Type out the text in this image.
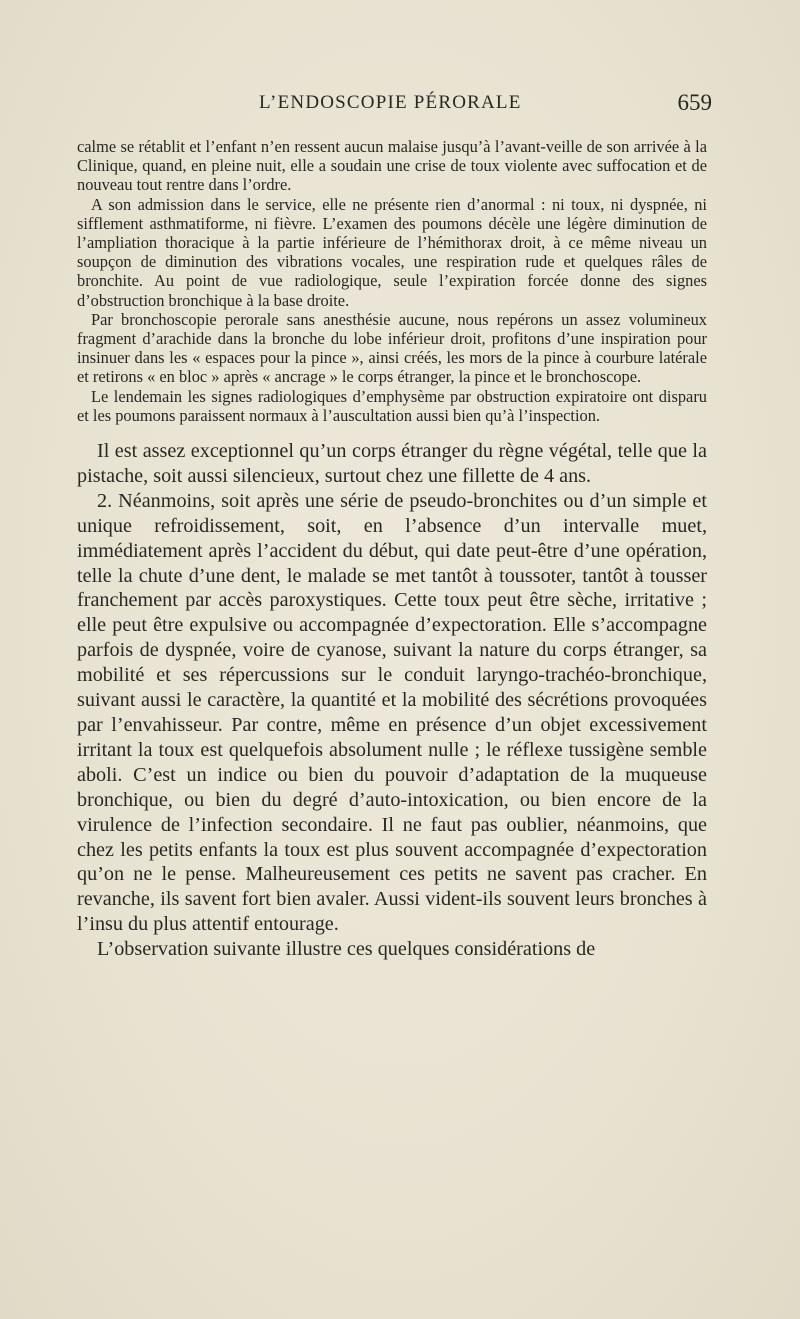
L’ENDOSCOPIE PÉRORALE	659

calme se rétablit et l’enfant n’en ressent aucun malaise jusqu’à l’avant-veille de son arrivée à la Clinique, quand, en pleine nuit, elle a soudain une crise de toux violente avec suffocation et de nouveau tout rentre dans l’ordre.

A son admission dans le service, elle ne présente rien d’anormal : ni toux, ni dyspnée, ni sifflement asthmatiforme, ni fièvre. L’examen des poumons décèle une légère diminution de l’ampliation thoracique à la partie inférieure de l’hémithorax droit, à ce même niveau un soupçon de diminution des vibrations vocales, une respiration rude et quelques râles de bronchite. Au point de vue radiologique, seule l’expiration forcée donne des signes d’obstruction bronchique à la base droite.

Par bronchoscopie perorale sans anesthésie aucune, nous repérons un assez volumineux fragment d’arachide dans la bronche du lobe inférieur droit, profitons d’une inspiration pour insinuer dans les « espaces pour la pince », ainsi créés, les mors de la pince à courbure latérale et retirons « en bloc » après « ancrage » le corps étranger, la pince et le bronchoscope.

Le lendemain les signes radiologiques d’emphysème par obstruction expiratoire ont disparu et les poumons paraissent normaux à l’auscultation aussi bien qu’à l’inspection.

Il est assez exceptionnel qu’un corps étranger du règne végétal, telle que la pistache, soit aussi silencieux, surtout chez une fillette de 4 ans.

2. Néanmoins, soit après une série de pseudo-bronchites ou d’un simple et unique refroidissement, soit, en l’absence d’un intervalle muet, immédiatement après l’accident du début, qui date peut-être d’une opération, telle la chute d’une dent, le malade se met tantôt à toussoter, tantôt à tousser franchement par accès paroxystiques. Cette toux peut être sèche, irritative ; elle peut être expulsive ou accompagnée d’expectoration. Elle s’accompagne parfois de dyspnée, voire de cyanose, suivant la nature du corps étranger, sa mobilité et ses répercussions sur le conduit laryngo-trachéo-bronchique, suivant aussi le caractère, la quantité et la mobilité des sécrétions provoquées par l’envahisseur. Par contre, même en présence d’un objet excessivement irritant la toux est quelquefois absolument nulle ; le réflexe tussigène semble aboli. C’est un indice ou bien du pouvoir d’adaptation de la muqueuse bronchique, ou bien du degré d’auto-intoxication, ou bien encore de la virulence de l’infection secondaire. Il ne faut pas oublier, néanmoins, que chez les petits enfants la toux est plus souvent accompagnée d’expectoration qu’on ne le pense. Malheureusement ces petits ne savent pas cracher. En revanche, ils savent fort bien avaler. Aussi vident-ils souvent leurs bronches à l’insu du plus attentif entourage.

L’observation suivante illustre ces quelques considérations de
